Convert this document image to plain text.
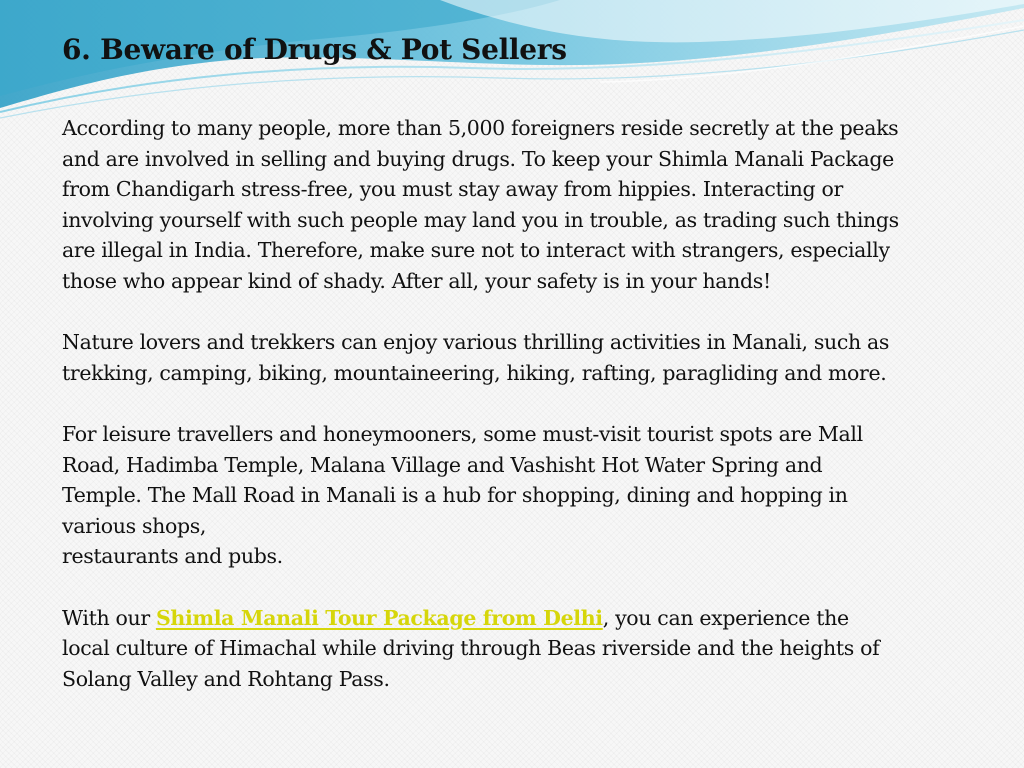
6. Beware of Drugs & Pot Sellers

According to many people, more than 5,000 foreigners reside secretly at the peaks
and are involved in selling and buying drugs. To keep your Shimla Manali Package
from Chandigarh stress-free, you must stay away from hippies. Interacting or
involving yourself with such people may land you in trouble, as trading such things
are illegal in India. Therefore, make sure not to interact with strangers, especially
those who appear kind of shady. After all, your safety is in your hands!

Nature lovers and trekkers can enjoy various thrilling activities in Manali, such as
trekking, camping, biking, mountaineering, hiking, rafting, paragliding and more.

For leisure travellers and honeymooners, some must-visit tourist spots are Mall
Road, Hadimba Temple, Malana Village and Vashisht Hot Water Spring and
Temple. The Mall Road in Manali is a hub for shopping, dining and hopping in
various shops,
restaurants and pubs.

With our Shimla Manali Tour Package from Delhi, you can experience the
local culture of Himachal while driving through Beas riverside and the heights of
Solang Valley and Rohtang Pass.
